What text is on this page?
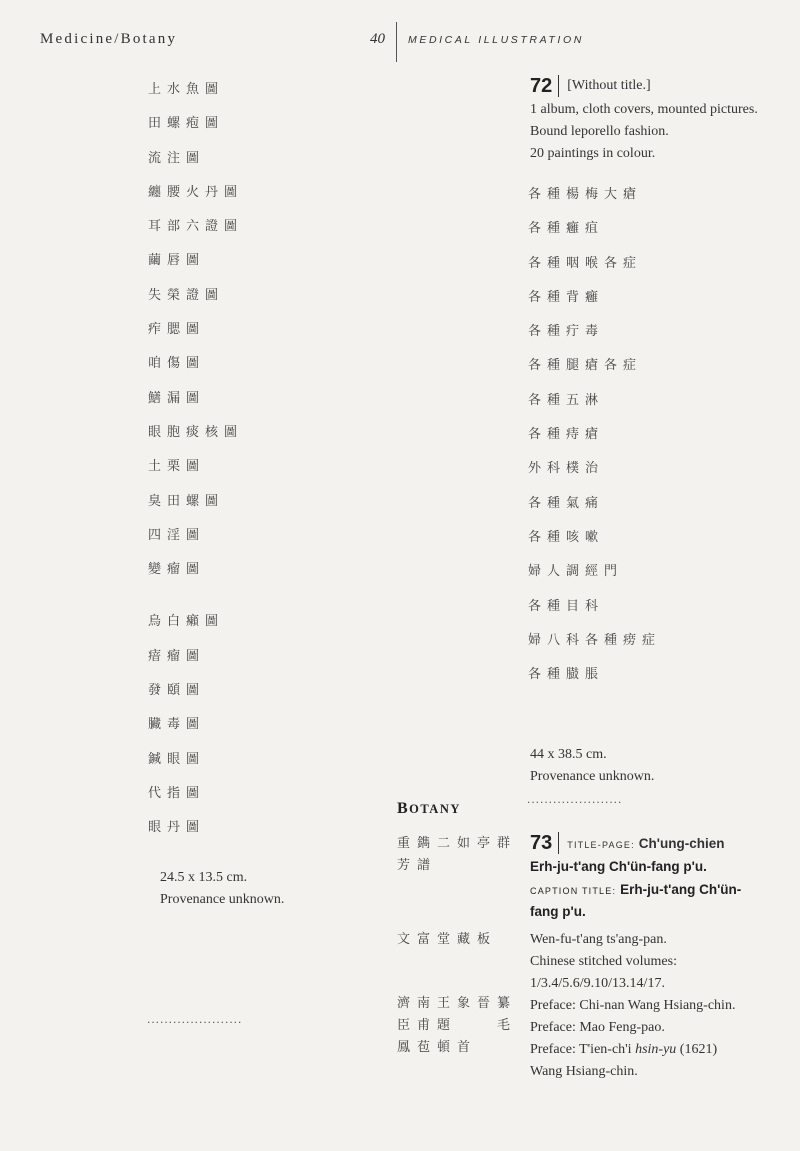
Medicine/Botany	40 MEDICAL ILLUSTRATION
上水魚圖
田螺疱圖
流注圖
纏腰火丹圖
耳部六證圖
繭唇圖
失榮證圖
痄腮圖
咱傷圖
鱔漏圖
眼胞痰核圖
土栗圖
臭田螺圖
四淫圖
變瘤圖
烏白癩圖
瘖瘤圖
發頤圖
臟毒圖
鍼眼圖
代指圖
眼丹圖
24.5 x 13.5 cm.
Provenance unknown.
......................
72	[Without title.]
1 album, cloth covers, mounted pictures.
Bound leporello fashion.
20 paintings in colour.
各種楊梅大瘡
各種癰疽
各種咽喉各症
各種背癰
各種疔毒
各種腿瘡各症
各種五淋
各種痔瘡
外科樸治
各種氣痛
各種咳嗽
婦人調經門
各種目科
婦八科各種痨症
各種臌脹
44 x 38.5 cm.
Provenance unknown.
......................
BOTANY
重鐫二如亭群
芳譜
文富堂藏板
濟南王象晉纂
臣甫題　　毛
鳳苞頓首
73	TITLE-PAGE: Ch'ung-chien
Erh-ju-t'ang Ch'ün-fang p'u.
CAPTION TITLE: Erh-ju-t'ang Ch'ün-
fang p'u.
Wen-fu-t'ang ts'ang-pan.
Chinese stitched volumes:
1/3.4/5.6/9.10/13.14/17.
Preface: Chi-nan Wang Hsiang-chin.
Preface: Mao Feng-pao.
Preface: T'ien-ch'i hsin-yu (1621)
Wang Hsiang-chin.
